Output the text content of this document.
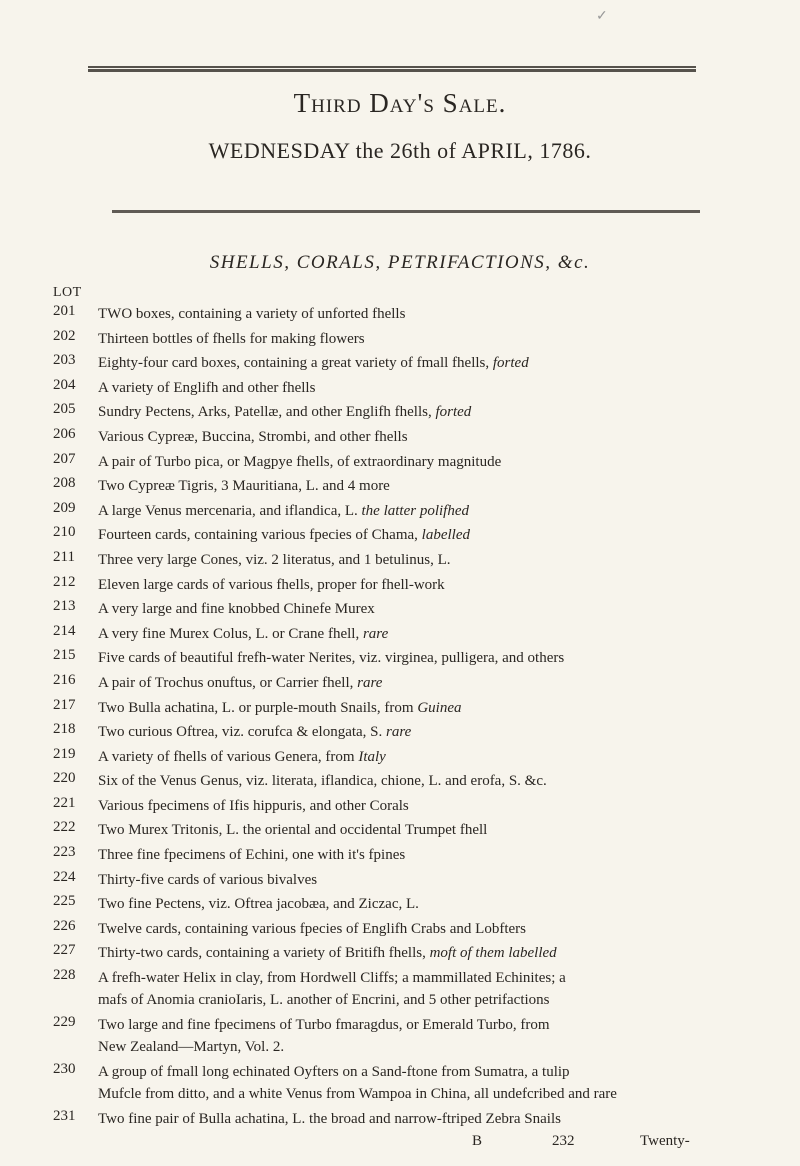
✓
Third Day's Sale.
WEDNESDAY the 26th of APRIL, 1786.
SHELLS, CORALS, PETRIFACTIONS, &c.
LOT
201	TWO boxes, containing a variety of unforted fhells
202	Thirteen bottles of fhells for making flowers
203	Eighty-four card boxes, containing a great variety of fmall fhells, forted
204	A variety of Englifh and other fhells
205	Sundry Pectens, Arks, Patellæ, and other Englifh fhells, forted
206	Various Cypreæ, Buccina, Strombi, and other fhells
207	A pair of Turbo pica, or Magpye fhells, of extraordinary magnitude
208	Two Cypreæ Tigris, 3 Mauritiana, L. and 4 more
209	A large Venus mercenaria, and iflandica, L. the latter polifhed
210	Fourteen cards, containing various fpecies of Chama, labelled
211	Three very large Cones, viz. 2 literatus, and 1 betulinus, L.
212	Eleven large cards of various fhells, proper for fhell-work
213	A very large and fine knobbed Chinefe Murex
214	A very fine Murex Colus, L. or Crane fhell, rare
215	Five cards of beautiful frefh-water Nerites, viz. virginea, pulligera, and others
216	A pair of Trochus onuftus, or Carrier fhell, rare
217	Two Bulla achatina, L. or purple-mouth Snails, from Guinea
218	Two curious Oftrea, viz. corufca & elongata, S. rare
219	A variety of fhells of various Genera, from Italy
220	Six of the Venus Genus, viz. literata, iflandica, chione, L. and erofa, S. &c.
221	Various fpecimens of Ifis hippuris, and other Corals
222	Two Murex Tritonis, L. the oriental and occidental Trumpet fhell
223	Three fine fpecimens of Echini, one with it's fpines
224	Thirty-five cards of various bivalves
225	Two fine Pectens, viz. Oftrea jacobæa, and Ziczac, L.
226	Twelve cards, containing various fpecies of Englifh Crabs and Lobfters
227	Thirty-two cards, containing a variety of Britifh fhells, moft of them labelled
228	A frefh-water Helix in clay, from Hordwell Cliffs; a mammillated Echinites; a
mafs of Anomia cranioIaris, L. another of Encrini, and 5 other petrifactions
229	Two large and fine fpecimens of Turbo fmaragdus, or Emerald Turbo, from
New Zealand—Martyn, Vol. 2.
230	A group of fmall long echinated Oyfters on a Sand-ftone from Sumatra, a tulip
Mufcle from ditto, and a white Venus from Wampoa in China, all undefcribed and rare
231	Two fine pair of Bulla achatina, L. the broad and narrow-ftriped Zebra Snails
B	232	Twenty-
